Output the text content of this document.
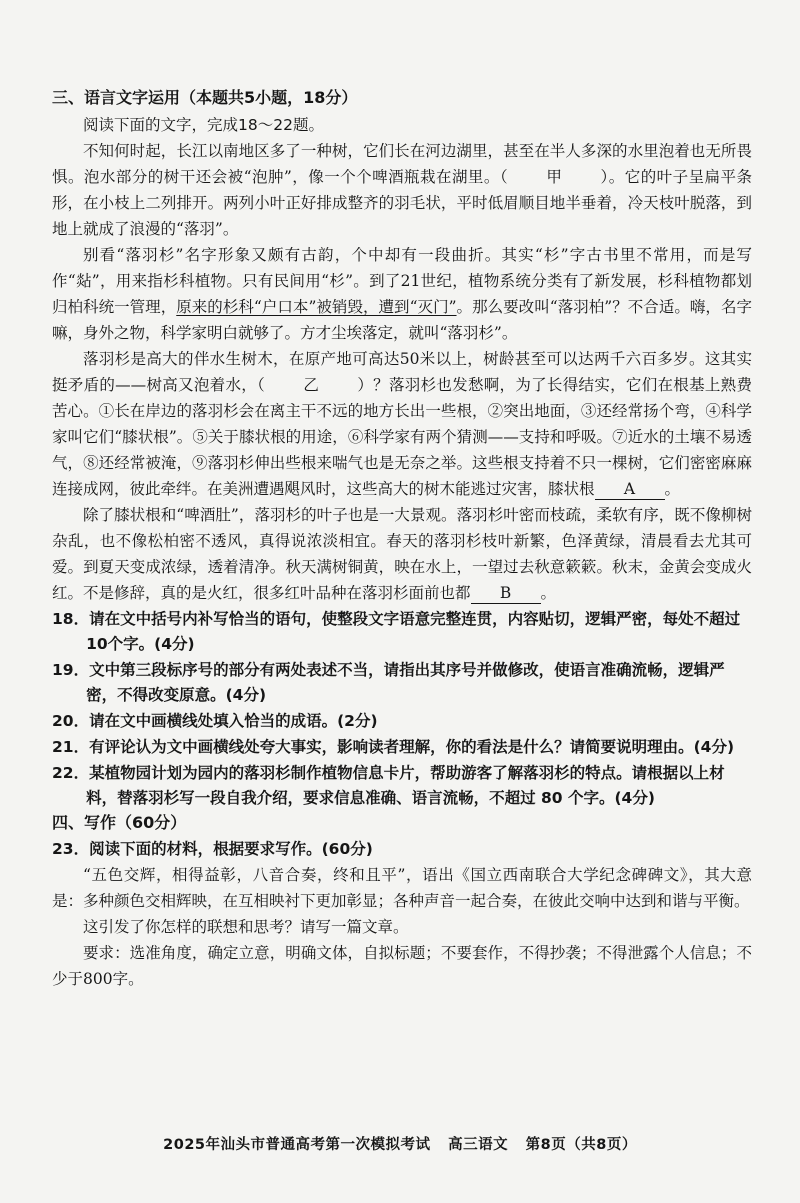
三、语言文字运用（本题共5小题，18分）

阅读下面的文字，完成18～22题。

不知何时起，长江以南地区多了一种树，它们长在河边湖里，甚至在半人多深的水里泡着也无所畏惧。泡水部分的树干还会被“泡肿”，像一个个啤酒瓶栽在湖里。（ 甲 ）。它的叶子呈扁平条形，在小枝上二列排开。两列小叶正好排成整齐的羽毛状，平时低眉顺目地半垂着，冷天枝叶脱落，到地上就成了浪漫的“落羽”。

别看“落羽杉”名字形象又颇有古韵，个中却有一段曲折。其实“杉”字古书里不常用，而是写作“煔”，用来指杉科植物。只有民间用“杉”。到了21世纪，植物系统分类有了新发展，杉科植物都划归柏科统一管理，原来的杉科“户口本”被销毁，遭到“灭门”。那么要改叫“落羽柏”？不合适。嗨，名字嘛，身外之物，科学家明白就够了。方才尘埃落定，就叫“落羽杉”。

落羽杉是高大的伴水生树木，在原产地可高达50米以上，树龄甚至可以达两千六百多岁。这其实挺矛盾的——树高又泡着水，（ 乙 ）？落羽杉也发愁啊，为了长得结实，它们在根基上熟费苦心。①长在岸边的落羽杉会在离主干不远的地方长出一些根，②突出地面，③还经常扬个弯，④科学家叫它们“膝状根”。⑤关于膝状根的用途，⑥科学家有两个猜测——支持和呼吸。⑦近水的土壤不易透气，⑧还经常被淹，⑨落羽杉伸出些根来喘气也是无奈之举。这些根支持着不只一棵树，它们密密麻麻连接成网，彼此牵绊。在美洲遭遇飓风时，这些高大的树木能逃过灾害，膝状根 A 。

除了膝状根和“啤酒肚”，落羽杉的叶子也是一大景观。落羽杉叶密而枝疏，柔软有序，既不像柳树杂乱，也不像松柏密不透风，真得说浓淡相宜。春天的落羽杉枝叶新繁，色泽黄绿，清晨看去尤其可爱。到夏天变成浓绿，透着清净。秋天满树铜黄，映在水上，一望过去秋意簌簌。秋末，金黄会变成火红。不是修辞，真的是火红，很多红叶品种在落羽杉面前也都 B 。

18．请在文中括号内补写恰当的语句，使整段文字语意完整连贯，内容贴切，逻辑严密，每处不超过10个字。(4分)

19．文中第三段标序号的部分有两处表述不当，请指出其序号并做修改，使语言准确流畅，逻辑严密，不得改变原意。(4分)

20．请在文中画横线处填入恰当的成语。(2分)

21．有评论认为文中画横线处夸大事实，影响读者理解，你的看法是什么？请简要说明理由。(4分)

22．某植物园计划为园内的落羽杉制作植物信息卡片，帮助游客了解落羽杉的特点。请根据以上材料，替落羽杉写一段自我介绍，要求信息准确、语言流畅，不超过 80 个字。(4分)

四、写作（60分）

23．阅读下面的材料，根据要求写作。(60分)

“五色交辉，相得益彰，八音合奏，终和且平”，语出《国立西南联合大学纪念碑碑文》，其大意是：多种颜色交相辉映，在互相映衬下更加彰显；各种声音一起合奏，在彼此交响中达到和谐与平衡。

这引发了你怎样的联想和思考？请写一篇文章。

要求：选准角度，确定立意，明确文体，自拟标题；不要套作，不得抄袭；不得泄露个人信息；不少于800字。

2025年汕头市普通高考第一次模拟考试 高三语文 第8页（共8页）
